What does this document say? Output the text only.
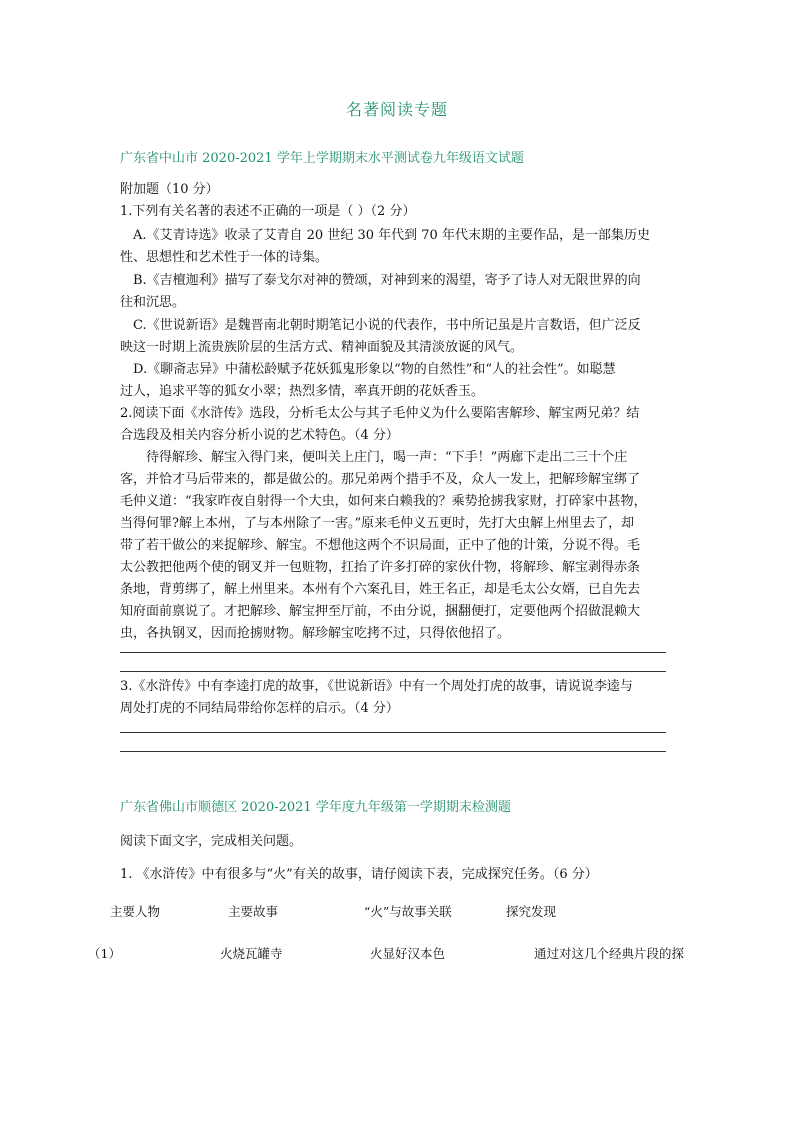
名著阅读专题
广东省中山市 2020-2021 学年上学期期末水平测试卷九年级语文试题
附加题（10 分）
1.下列有关名著的表述不正确的一项是（ ）（2 分）
A.《艾青诗选》收录了艾青自 20 世纪 30 年代到 70 年代末期的主要作品，是一部集历史
性、思想性和艺术性于一体的诗集。
B.《吉檀迦利》描写了泰戈尔对神的赞颂，对神到来的渴望，寄予了诗人对无限世界的向
往和沉思。
C.《世说新语》是魏晋南北朝时期笔记小说的代表作，书中所记虽是片言数语，但广泛反
映这一时期上流贵族阶层的生活方式、精神面貌及其清淡放诞的风气。
D.《聊斋志异》中蒲松龄赋予花妖狐鬼形象以“物的自然性”和“人的社会性”。如聪慧
过人，追求平等的狐女小翠；热烈多情，率真开朗的花妖香玉。
2.阅读下面《水浒传》选段，分析毛太公与其子毛仲义为什么要陷害解珍、解宝两兄弟？结
合选段及相关内容分析小说的艺术特色。（4 分）
待得解珍、解宝入得门来，便叫关上庄门，喝一声：“下手！”两廊下走出二三十个庄
客，并恰才马后带来的，都是做公的。那兄弟两个措手不及，众人一发上，把解珍解宝绑了
毛仲义道：“我家昨夜自射得一个大虫，如何来白赖我的？乘势抢掳我家财，打碎家中甚物，
当得何罪?解上本州，了与本州除了一害。”原来毛仲义五更时，先打大虫解上州里去了，却
带了若干做公的来捉解珍、解宝。不想他这两个不识局面，正中了他的计策，分说不得。毛
太公教把他两个使的钢叉并一包赃物，扛抬了许多打碎的家伙什物，将解珍、解宝剥得赤条
条地，背剪绑了，解上州里来。本州有个六案孔目，姓王名正，却是毛太公女婿，已自先去
知府面前禀说了。才把解珍、解宝押至厅前，不由分说，捆翻便打，定要他两个招做混赖大
虫，各执钢叉，因而抢掳财物。解珍解宝吃拷不过，只得依他招了。
3.《水浒传》中有李逵打虎的故事，《世说新语》中有一个周处打虎的故事，请说说李逵与
周处打虎的不同结局带给你怎样的启示。（4 分）
广东省佛山市顺德区 2020-2021 学年度九年级第一学期期末检测题
阅读下面文字，完成相关问题。
1. 《水浒传》中有很多与“火”有关的故事，请仔阅读下表，完成探究任务。（6 分）
主要人物	主要故事	“火”与故事关联	探究发现
（1）	火烧瓦罐寺	火显好汉本色	通过对这几个经典片段的探
